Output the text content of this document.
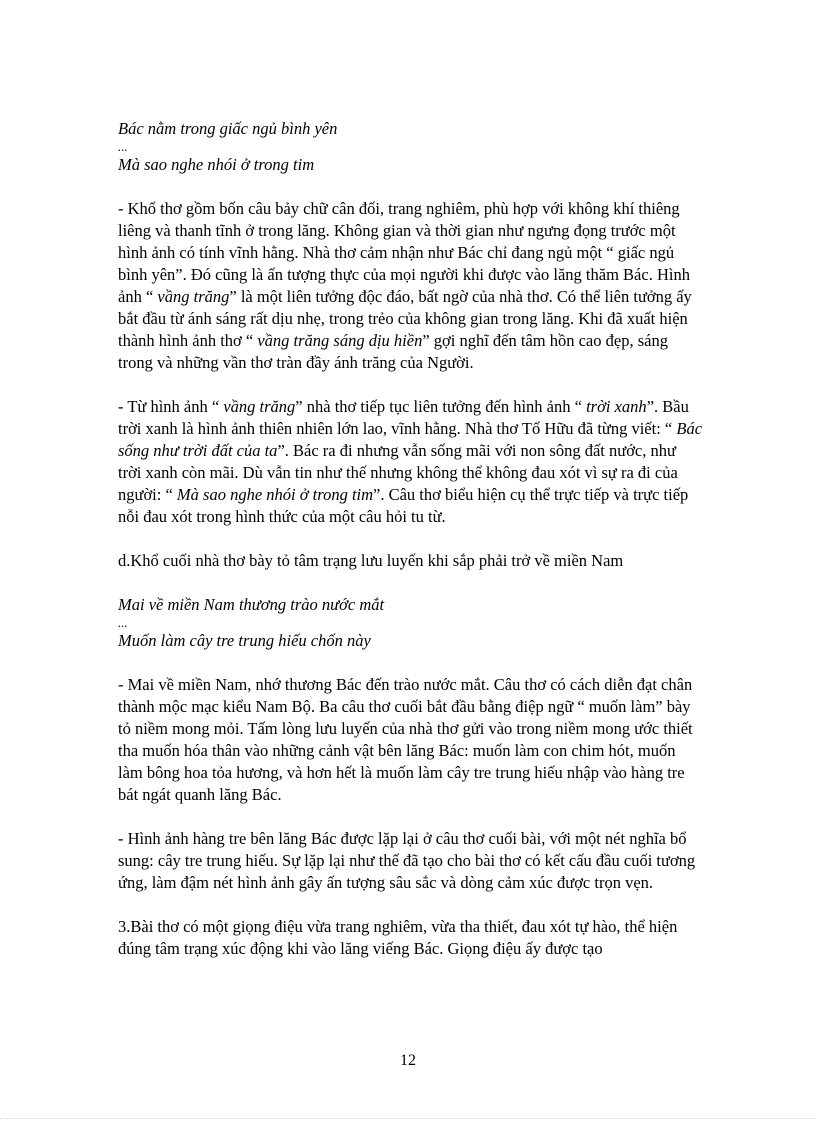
Bác nằm trong giấc ngủ bình yên

...

Mà sao nghe nhói ở trong tim

- Khổ thơ gồm bốn câu bảy chữ cân đối, trang nghiêm, phù hợp với không khí thiêng liêng và thanh tĩnh ở trong lăng. Không gian và thời gian như ngưng đọng trước một hình ảnh có tính vĩnh hằng. Nhà thơ cảm nhận như Bác chỉ đang ngủ một “ giấc ngủ bình yên”. Đó cũng là ấn tượng thực của mọi người khi được vào lăng thăm Bác. Hình ảnh “ vầng trăng” là một liên tưởng độc đáo, bất ngờ của nhà thơ. Có thể liên tưởng ấy bắt đầu từ ánh sáng rất dịu nhẹ, trong trẻo của không gian trong lăng. Khi đã xuất hiện thành hình ảnh thơ “ vầng trăng sáng dịu hiền” gợi nghĩ đến tâm hồn cao đẹp, sáng trong và những vần thơ tràn đầy ánh trăng của Người.

- Từ hình ảnh “ vầng trăng” nhà thơ tiếp tục liên tưởng đến hình ảnh “ trời xanh”. Bầu trời xanh là hình ảnh thiên nhiên lớn lao, vĩnh hằng. Nhà thơ Tố Hữu đã từng viết: “ Bác sống như trời đất của ta”. Bác ra đi nhưng vẫn sống mãi với non sông đất nước, như trời xanh còn mãi. Dù vẫn tin như thế nhưng không thể không đau xót vì sự ra đi của người: “ Mà sao nghe nhói ở trong tim”. Câu thơ biểu hiện cụ thể trực tiếp và trực tiếp nỗi đau xót trong hình thức của một câu hỏi tu từ.

d.Khổ cuối nhà thơ bày tỏ tâm trạng lưu luyến khi sắp phải trở về miền Nam

Mai về miền Nam thương trào nước mắt

...

Muốn làm cây tre trung hiếu chốn này

- Mai về miền Nam, nhớ thương Bác đến trào nước mắt. Câu thơ có cách diễn đạt chân thành mộc mạc kiểu Nam Bộ. Ba câu thơ cuối bắt đầu bằng điệp ngữ “ muốn làm” bày tỏ niềm mong mỏi. Tấm lòng lưu luyến của nhà thơ gửi vào trong niềm mong ước thiết tha muốn hóa thân vào những cảnh vật bên lăng Bác: muốn làm con chim hót, muốn làm bông hoa tỏa hương, và hơn hết là muốn làm cây tre trung hiếu nhập vào hàng tre bát ngát quanh lăng Bác.

- Hình ảnh hàng tre bên lăng Bác được lặp lại ở câu thơ cuối bài, với một nét nghĩa bổ sung: cây tre trung hiếu. Sự lặp lại như thế đã tạo cho bài thơ có kết cấu đầu cuối tương ứng, làm đậm nét hình ảnh gây ấn tượng sâu sắc và dòng cảm xúc được trọn vẹn.

3.Bài thơ có một giọng điệu vừa trang nghiêm, vừa tha thiết, đau xót tự hào, thể hiện đúng tâm trạng xúc động khi vào lăng viếng Bác. Giọng điệu ấy được tạo

12
